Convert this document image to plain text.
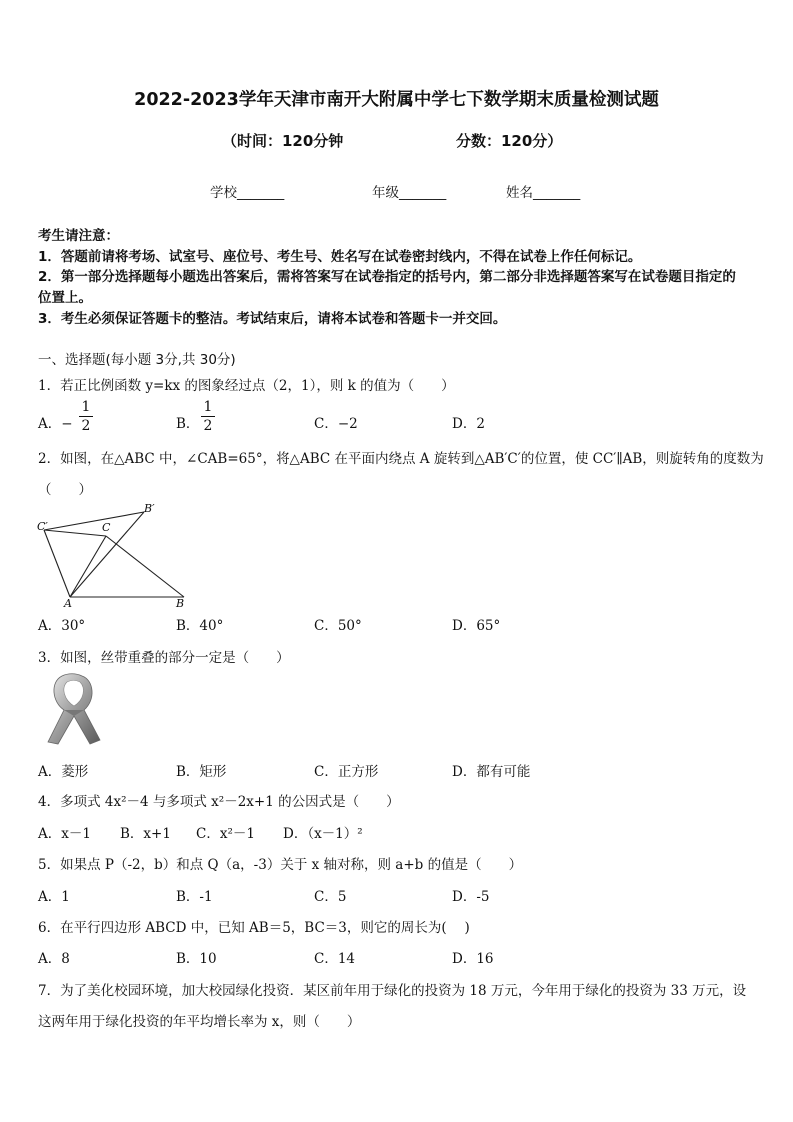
2022-2023学年天津市南开大附属中学七下数学期末质量检测试题
（时间：120分钟	分数：120分）
学校_______	年级_______	姓名_______
考生请注意：
1．答题前请将考场、试室号、座位号、考生号、姓名写在试卷密封线内，不得在试卷上作任何标记。
2．第一部分选择题每小题选出答案后，需将答案写在试卷指定的括号内，第二部分非选择题答案写在试卷题目指定的
位置上。
3．考生必须保证答题卡的整洁。考试结束后，请将本试卷和答题卡一并交回。
一、选择题(每小题 3分,共 30分)
1．若正比例函数 y=kx 的图象经过点（2，1），则 k 的值为（　　）
A．−
1
2	B．
1
2	C．−2	D．2
2．如图，在△ABC 中，∠CAB=65°，将△ABC 在平面内绕点 A 旋转到△AB′C′的位置，使 CC′∥AB，则旋转角的度数为
（　　）
C′	C
B′
A	B
A．30°	B．40°	C．50°	D．65°
3．如图，丝带重叠的部分一定是（　　）
A．菱形	B．矩形	C．正方形	D．都有可能
4．多项式 4x²－4 与多项式 x²－2x+1 的公因式是（　　）
A．x－1 B．x+1 C．x²－1 D．（x－1）²
5．如果点 P（-2，b）和点 Q（a，-3）关于 x 轴对称，则 a+b 的值是（　　）
A．1	B．-1	C．5	D．-5
6．在平行四边形 ABCD 中，已知 AB＝5，BC＝3，则它的周长为(　 )
A．8	B．10	C．14	D．16
7．为了美化校园环境，加大校园绿化投资．某区前年用于绿化的投资为 18 万元，今年用于绿化的投资为 33 万元，设
这两年用于绿化投资的年平均增长率为 x，则（　　）
